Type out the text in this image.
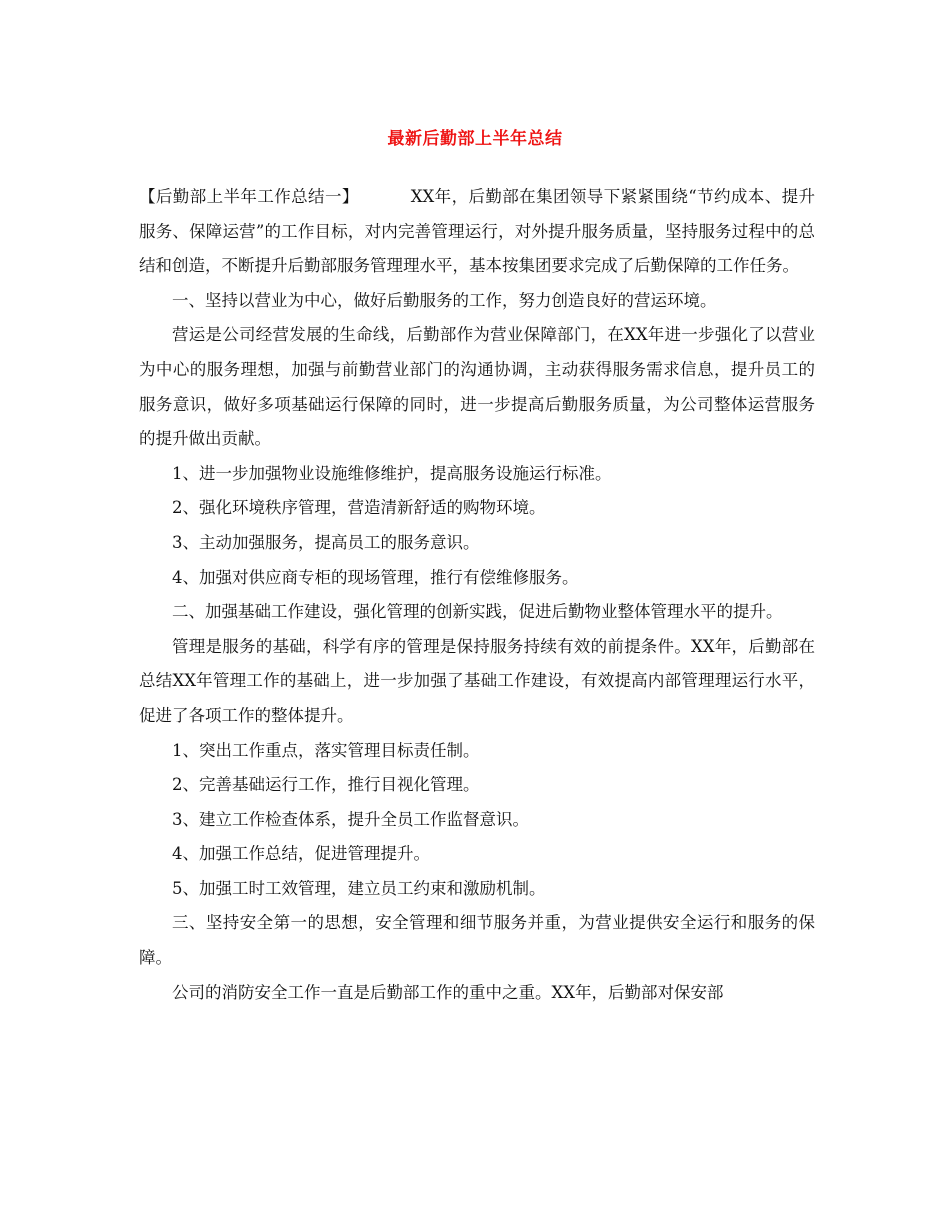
最新后勤部上半年总结

【后勤部上半年工作总结一】	XX年，后勤部在集团领导下紧紧围绕“节约成本、提升服务、保障运营”的工作目标，对内完善管理运行，对外提升服务质量，坚持服务过程中的总结和创造，不断提升后勤部服务管理理水平，基本按集团要求完成了后勤保障的工作任务。

一、坚持以营业为中心，做好后勤服务的工作，努力创造良好的营运环境。

营运是公司经营发展的生命线，后勤部作为营业保障部门，在XX年进一步强化了以营业为中心的服务理想，加强与前勤营业部门的沟通协调，主动获得服务需求信息，提升员工的服务意识，做好多项基础运行保障的同时，进一步提高后勤服务质量，为公司整体运营服务的提升做出贡献。

1、进一步加强物业设施维修维护，提高服务设施运行标准。

2、强化环境秩序管理，营造清新舒适的购物环境。

3、主动加强服务，提高员工的服务意识。

4、加强对供应商专柜的现场管理，推行有偿维修服务。

二、加强基础工作建设，强化管理的创新实践，促进后勤物业整体管理水平的提升。

管理是服务的基础，科学有序的管理是保持服务持续有效的前提条件。XX年，后勤部在总结XX年管理工作的基础上，进一步加强了基础工作建设，有效提高内部管理理运行水平，促进了各项工作的整体提升。

1、突出工作重点，落实管理目标责任制。

2、完善基础运行工作，推行目视化管理。

3、建立工作检查体系，提升全员工作监督意识。

4、加强工作总结，促进管理提升。

5、加强工时工效管理，建立员工约束和激励机制。

三、坚持安全第一的思想，安全管理和细节服务并重，为营业提供安全运行和服务的保障。

公司的消防安全工作一直是后勤部工作的重中之重。XX年，后勤部对保安部
